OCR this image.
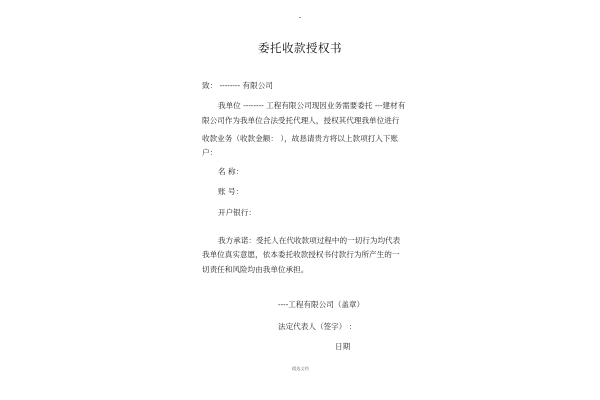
委托收款授权书
致： -------- 有限公司
我单位 -------- 工程有限公司现因业务需要委托 ---建材有
限公司作为我单位合法受托代理人，授权其代理我单位进行
收款业务（收款金额： ），故恳请贵方将以上款项打入下账
户：
名 称：
账 号：
开户银行：
我方承诺：受托人在代收款项过程中的一切行为均代表
我单位真实意愿，依本委托收款授权书付款行为所产生的一
切责任和风险均由我单位承担。
----工程有限公司（盖章）
法定代表人（签字） ：
日期
精选文档
